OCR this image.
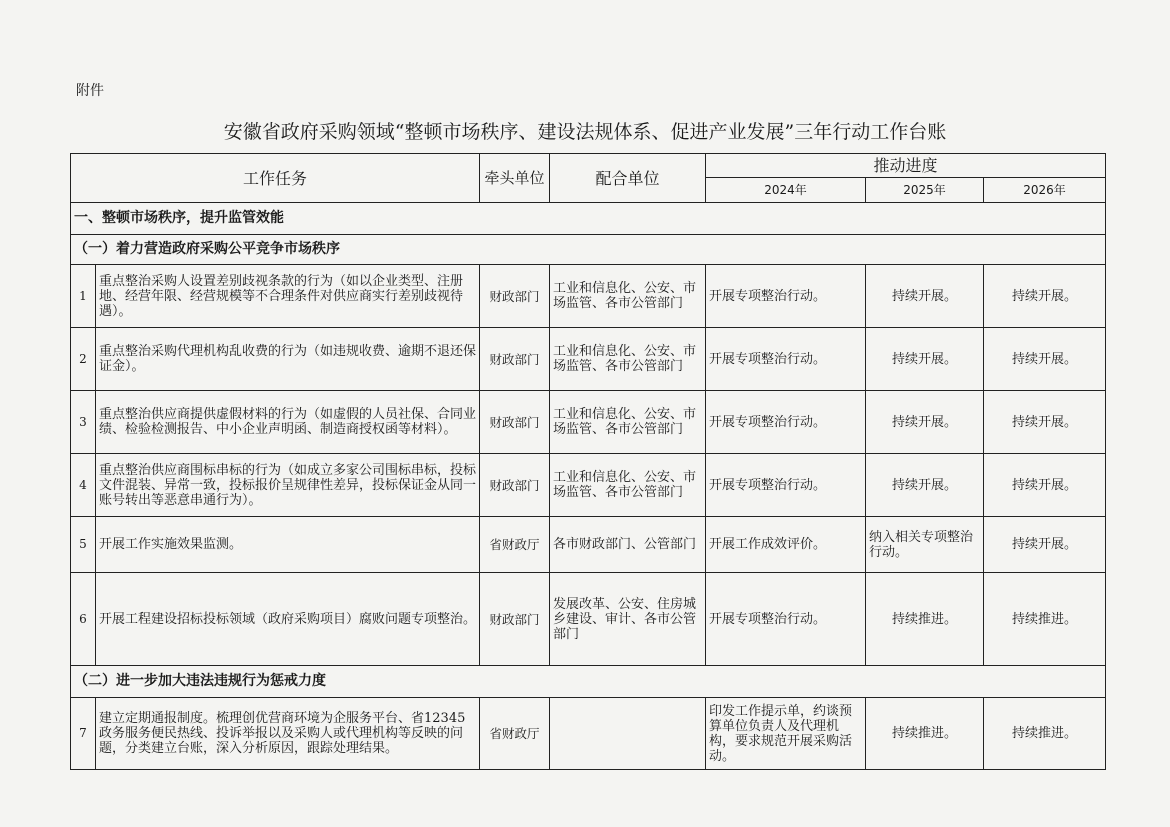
附件
安徽省政府采购领域“整顿市场秩序、建设法规体系、促进产业发展”三年行动工作台账
工作任务		牵头单位	配合单位	推动进度		
				2024年	2025年	2026年
一、整顿市场秩序，提升监管效能						
（一）着力营造政府采购公平竞争市场秩序						
1	重点整治采购人设置差别歧视条款的行为（如以企业类型、注册地、经营年限、经营规模等不合理条件对供应商实行差别歧视待遇）。	财政部门	工业和信息化、公安、市场监管、各市公管部门	开展专项整治行动。	持续开展。	持续开展。
2	重点整治采购代理机构乱收费的行为（如违规收费、逾期不退还保证金）。	财政部门	工业和信息化、公安、市场监管、各市公管部门	开展专项整治行动。	持续开展。	持续开展。
3	重点整治供应商提供虚假材料的行为（如虚假的人员社保、合同业绩、检验检测报告、中小企业声明函、制造商授权函等材料）。	财政部门	工业和信息化、公安、市场监管、各市公管部门	开展专项整治行动。	持续开展。	持续开展。
4	重点整治供应商围标串标的行为（如成立多家公司围标串标，投标文件混装、异常一致，投标报价呈规律性差异，投标保证金从同一账号转出等恶意串通行为）。	财政部门	工业和信息化、公安、市场监管、各市公管部门	开展专项整治行动。	持续开展。	持续开展。
5	开展工作实施效果监测。	省财政厅	各市财政部门、公管部门	开展工作成效评价。	纳入相关专项整治行动。	持续开展。
6	开展工程建设招标投标领域（政府采购项目）腐败问题专项整治。	财政部门	发展改革、公安、住房城乡建设、审计、各市公管部门	开展专项整治行动。	持续推进。	持续推进。
（二）进一步加大违法违规行为惩戒力度						
7	建立定期通报制度。梳理创优营商环境为企服务平台、省12345政务服务便民热线、投诉举报以及采购人或代理机构等反映的问题，分类建立台账，深入分析原因，跟踪处理结果。	省财政厅		印发工作提示单，约谈预算单位负责人及代理机构，要求规范开展采购活动。	持续推进。	持续推进。
